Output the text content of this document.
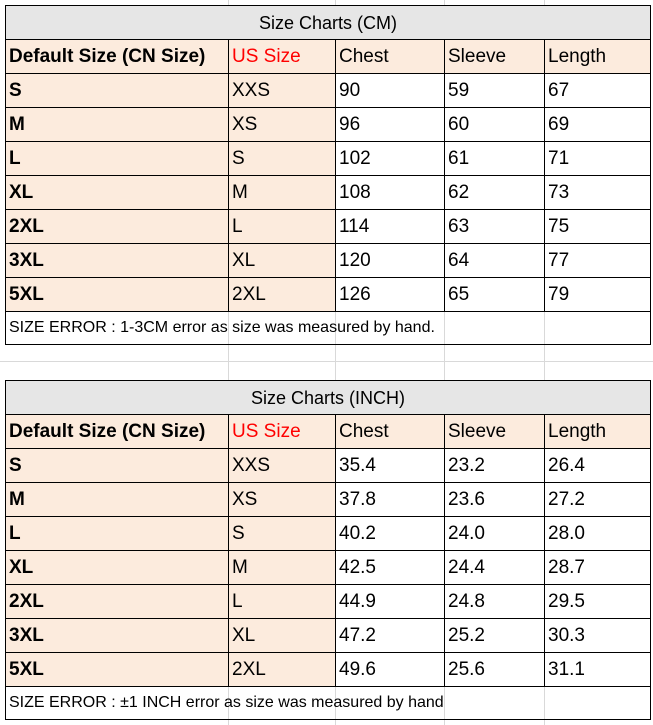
Size Charts (CM)				
Default Size (CN Size)	US Size	Chest	Sleeve	Length
S	XXS	90	59	67
M	XS	96	60	69
L	S	102	61	71
XL	M	108	62	73
2XL	L	114	63	75
3XL	XL	120	64	77
5XL	2XL	126	65	79
SIZE ERROR : 1-3CM error as size was measured by hand.				
Size Charts (INCH)				
Default Size (CN Size)	US Size	Chest	Sleeve	Length
S	XXS	35.4	23.2	26.4
M	XS	37.8	23.6	27.2
L	S	40.2	24.0	28.0
XL	M	42.5	24.4	28.7
2XL	L	44.9	24.8	29.5
3XL	XL	47.2	25.2	30.3
5XL	2XL	49.6	25.6	31.1
SIZE ERROR : ±1 INCH error as size was measured by hand				
